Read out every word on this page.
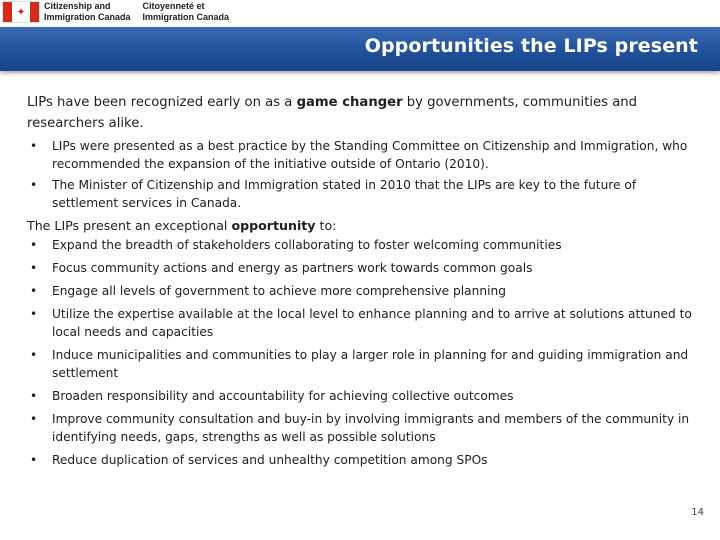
✦ Citizenship and
Immigration Canada
Citoyenneté et
Immigration Canada
Opportunities the LIPs present

LIPs have been recognized early on as a game changer by governments, communities and researchers alike.

• LIPs were presented as a best practice by the Standing Committee on Citizenship and Immigration, who recommended the expansion of the initiative outside of Ontario (2010).
• The Minister of Citizenship and Immigration stated in 2010 that the LIPs are key to the future of settlement services in Canada.

The LIPs present an exceptional opportunity to:

• Expand the breadth of stakeholders collaborating to foster welcoming communities
• Focus community actions and energy as partners work towards common goals
• Engage all levels of government to achieve more comprehensive planning
• Utilize the expertise available at the local level to enhance planning and to arrive at solutions attuned to local needs and capacities
• Induce municipalities and communities to play a larger role in planning for and guiding immigration and settlement
• Broaden responsibility and accountability for achieving collective outcomes
• Improve community consultation and buy-in by involving immigrants and members of the community in identifying needs, gaps, strengths as well as possible solutions
• Reduce duplication of services and unhealthy competition among SPOs
14
